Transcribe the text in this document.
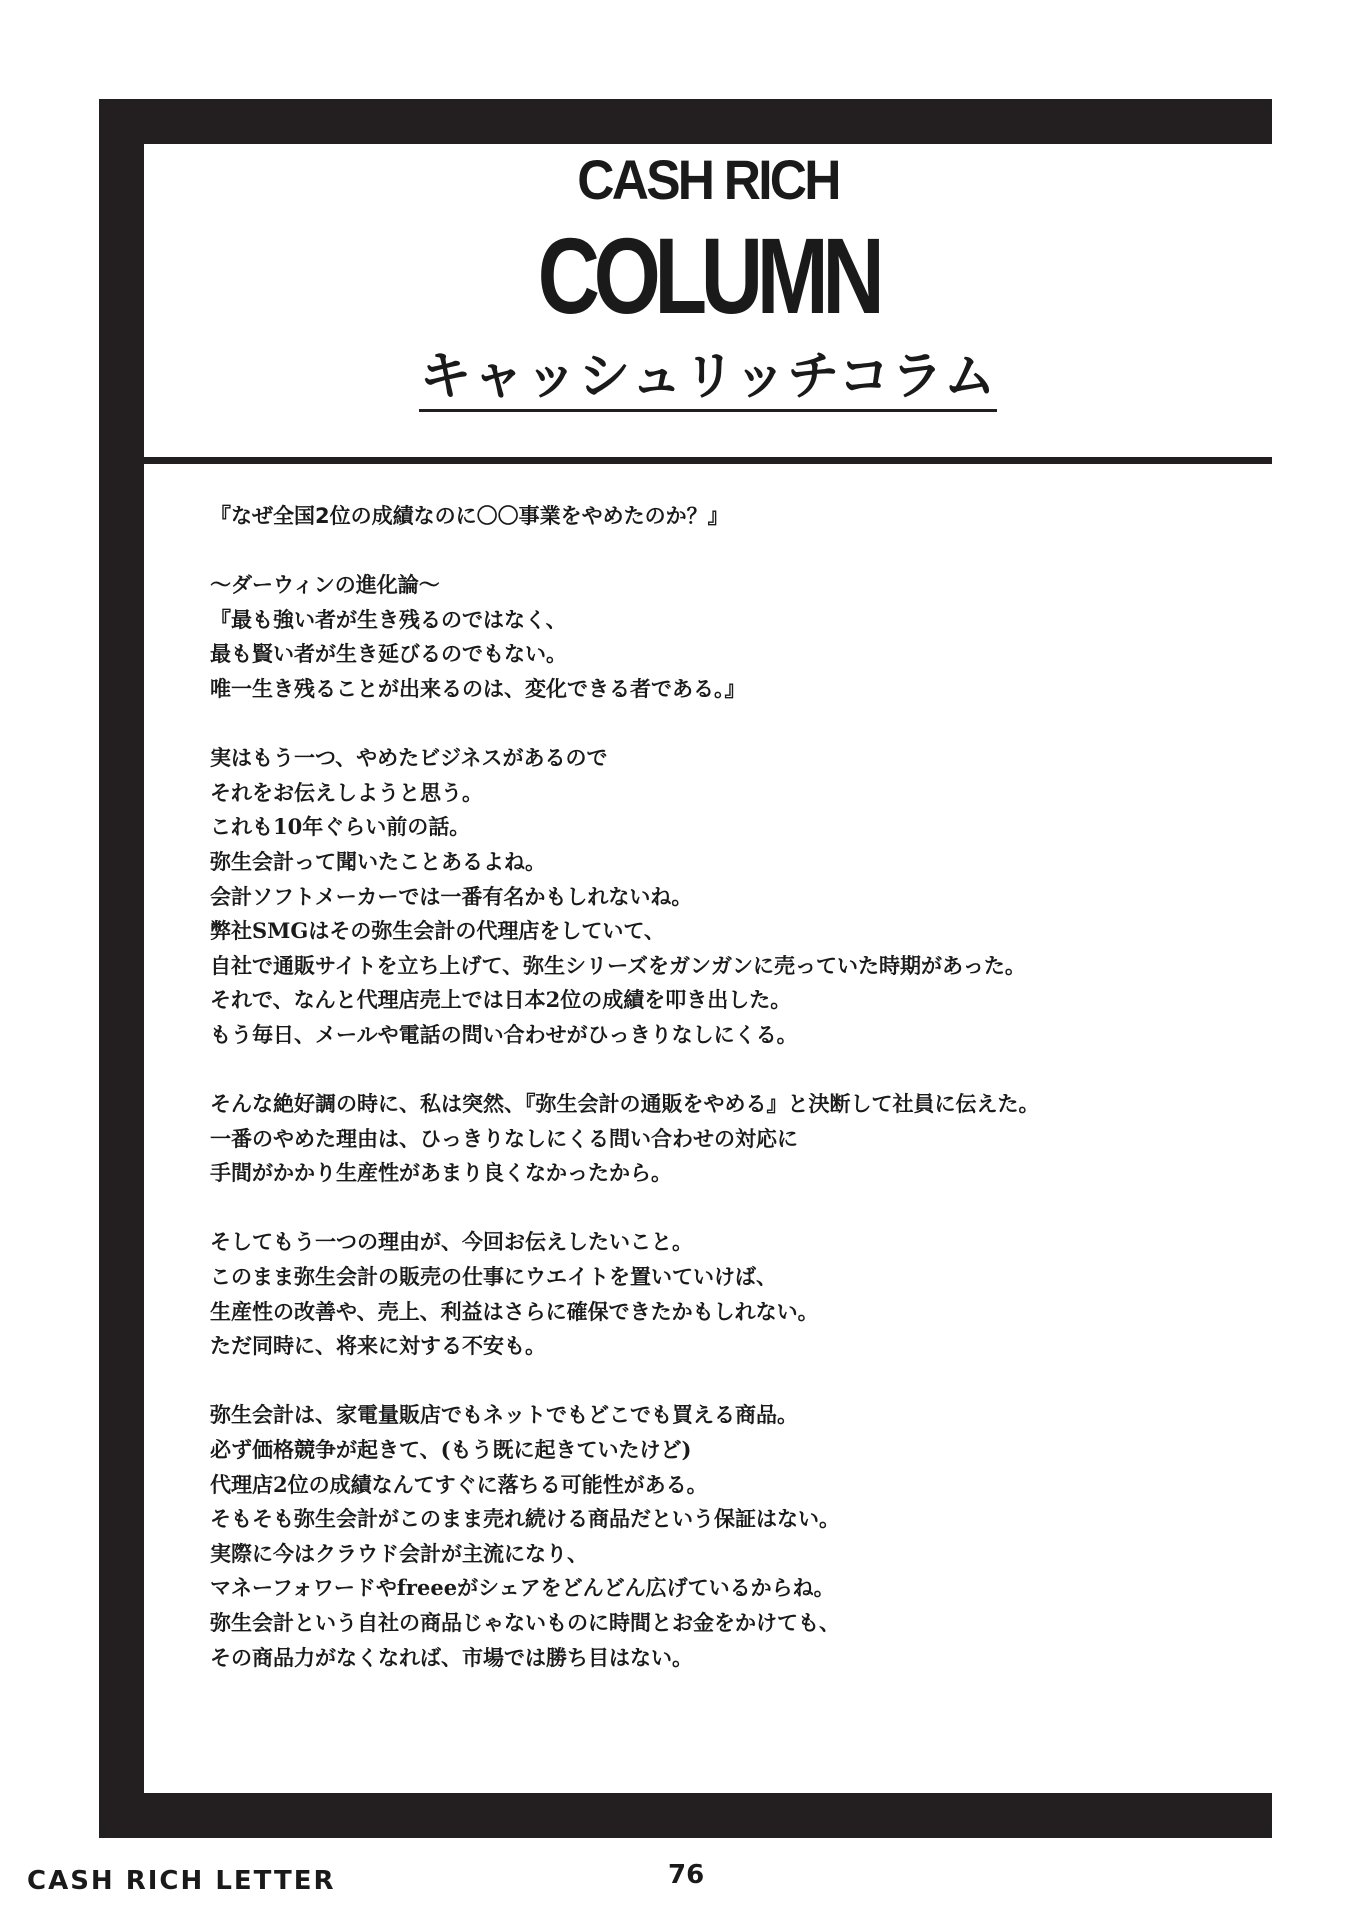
CASH RICH
COLUMN
キャッシュリッチコラム
『なぜ全国2位の成績なのに〇〇事業をやめたのか？』
〜ダーウィンの進化論〜
『最も強い者が生き残るのではなく、
最も賢い者が生き延びるのでもない。
唯一生き残ることが出来るのは、変化できる者である。』
実はもう一つ、やめたビジネスがあるので
それをお伝えしようと思う。
これも10年ぐらい前の話。
弥生会計って聞いたことあるよね。
会計ソフトメーカーでは一番有名かもしれないね。
弊社SMGはその弥生会計の代理店をしていて、
自社で通販サイトを立ち上げて、弥生シリーズをガンガンに売っていた時期があった。
それで、なんと代理店売上では日本2位の成績を叩き出した。
もう毎日、メールや電話の問い合わせがひっきりなしにくる。
そんな絶好調の時に、私は突然、『弥生会計の通販をやめる』と決断して社員に伝えた。
一番のやめた理由は、ひっきりなしにくる問い合わせの対応に
手間がかかり生産性があまり良くなかったから。
そしてもう一つの理由が、今回お伝えしたいこと。
このまま弥生会計の販売の仕事にウエイトを置いていけば、
生産性の改善や、売上、利益はさらに確保できたかもしれない。
ただ同時に、将来に対する不安も。
弥生会計は、家電量販店でもネットでもどこでも買える商品。
必ず価格競争が起きて、(もう既に起きていたけど)
代理店2位の成績なんてすぐに落ちる可能性がある。
そもそも弥生会計がこのまま売れ続ける商品だという保証はない。
実際に今はクラウド会計が主流になり、
マネーフォワードやfreeeがシェアをどんどん広げているからね。
弥生会計という自社の商品じゃないものに時間とお金をかけても、
その商品力がなくなれば、市場では勝ち目はない。
CASH RICH LETTER	76
